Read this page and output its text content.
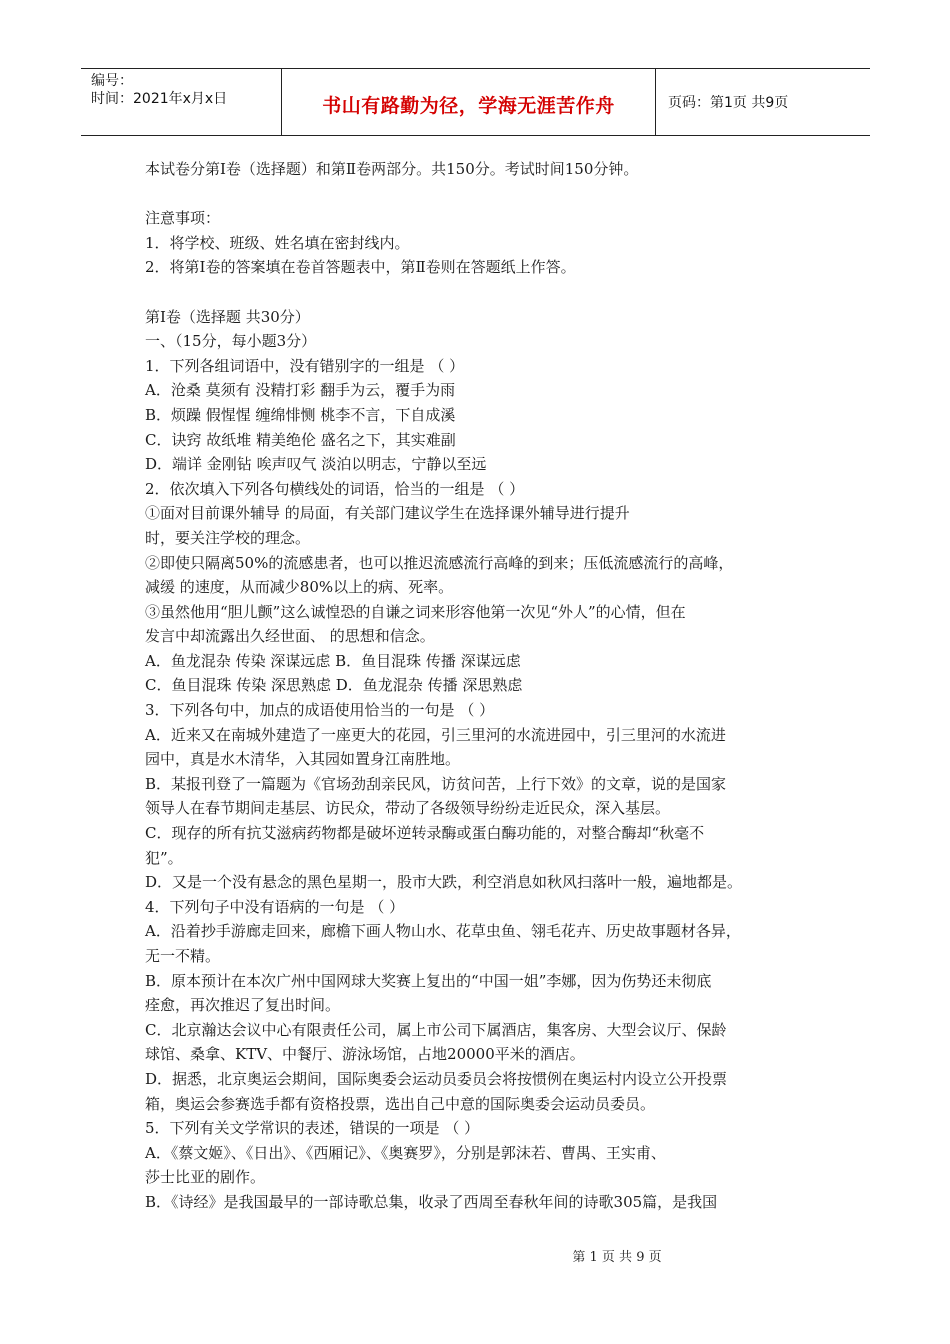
编号：
时间：2021年x月x日	书山有路勤为径，学海无涯苦作舟	页码：第1页 共9页
本试卷分第Ⅰ卷（选择题）和第Ⅱ卷两部分。共150分。考试时间150分钟。
注意事项：
1．将学校、班级、姓名填在密封线内。
2．将第Ⅰ卷的答案填在卷首答题表中，第Ⅱ卷则在答题纸上作答。
第Ⅰ卷（选择题 共30分）
一、（15分，每小题3分）
1．下列各组词语中，没有错别字的一组是 （ ）
A．沧桑 莫须有 没精打彩 翻手为云，覆手为雨
B．烦躁 假惺惺 缠绵悱恻 桃李不言，下自成溪
C．诀窍 故纸堆 精美绝伦 盛名之下，其实难副
D．端详 金刚钻 唉声叹气 淡泊以明志，宁静以至远
2．依次填入下列各句横线处的词语，恰当的一组是 （ ）
①面对目前课外辅导 的局面，有关部门建议学生在选择课外辅导进行提升
时，要关注学校的理念。
②即使只隔离50%的流感患者，也可以推迟流感流行高峰的到来；压低流感流行的高峰，
减缓 的速度，从而减少80%以上的病、死率。
③虽然他用“胆儿颤”这么诚惶恐的自谦之词来形容他第一次见“外人”的心情，但在
发言中却流露出久经世面、 的思想和信念。
A．鱼龙混杂 传染 深谋远虑 B．鱼目混珠 传播 深谋远虑
C．鱼目混珠 传染 深思熟虑 D．鱼龙混杂 传播 深思熟虑
3．下列各句中，加点的成语使用恰当的一句是 （ ）
A．近来又在南城外建造了一座更大的花园，引三里河的水流进园中，引三里河的水流进
园中，真是水木清华，入其园如置身江南胜地。
B．某报刊登了一篇题为《官场劲刮亲民风，访贫问苦，上行下效》的文章，说的是国家
领导人在春节期间走基层、访民众，带动了各级领导纷纷走近民众，深入基层。
C．现存的所有抗艾滋病药物都是破坏逆转录酶或蛋白酶功能的，对整合酶却“秋毫不
犯”。
D．又是一个没有悬念的黑色星期一，股市大跌，利空消息如秋风扫落叶一般，遍地都是。
4．下列句子中没有语病的一句是 （ ）
A．沿着抄手游廊走回来，廊檐下画人物山水、花草虫鱼、翎毛花卉、历史故事题材各异，
无一不精。
B．原本预计在本次广州中国网球大奖赛上复出的“中国一姐”李娜，因为伤势还未彻底
痊愈，再次推迟了复出时间。
C．北京瀚达会议中心有限责任公司，属上市公司下属酒店，集客房、大型会议厅、保龄
球馆、桑拿、KTV、中餐厅、游泳场馆，占地20000平米的酒店。
D．据悉，北京奥运会期间，国际奥委会运动员委员会将按惯例在奥运村内设立公开投票
箱，奥运会参赛选手都有资格投票，选出自己中意的国际奥委会运动员委员。
5．下列有关文学常识的表述，错误的一项是 （ ）
A．《蔡文姬》、《日出》、《西厢记》、《奥赛罗》，分别是郭沫若、曹禺、王实甫、
莎士比亚的剧作。
B．《诗经》是我国最早的一部诗歌总集，收录了西周至春秋年间的诗歌305篇，是我国
第 1 页 共 9 页
